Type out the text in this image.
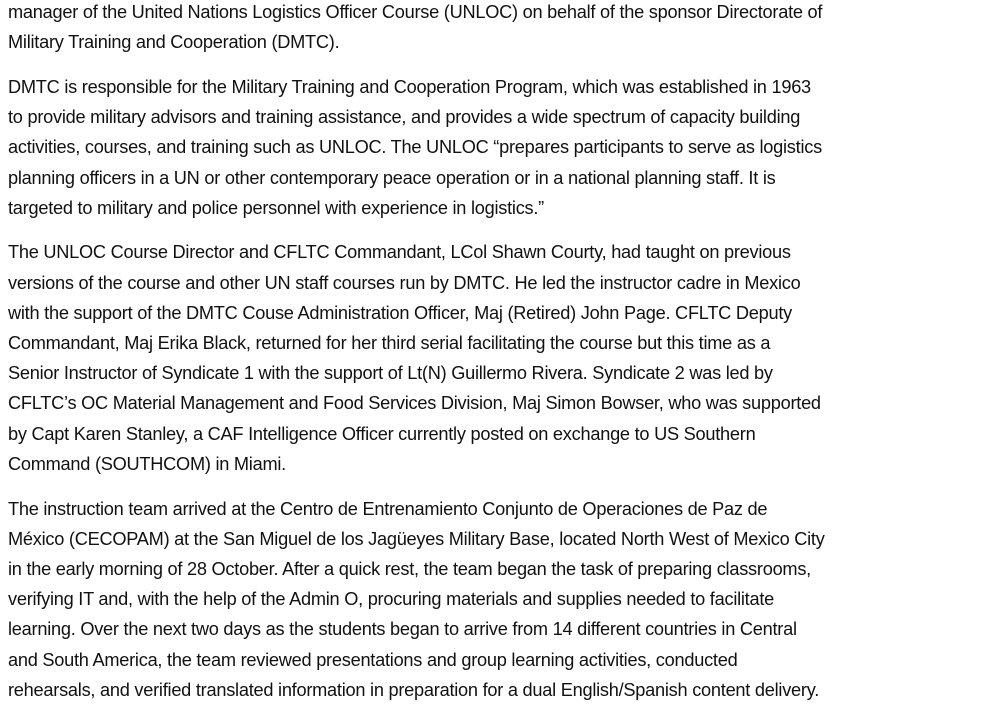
manager of the United Nations Logistics Officer Course (UNLOC) on behalf of the sponsor Directorate of
Military Training and Cooperation (DMTC).

DMTC is responsible for the Military Training and Cooperation Program, which was established in 1963
to provide military advisors and training assistance, and provides a wide spectrum of capacity building
activities, courses, and training such as UNLOC. The UNLOC “prepares participants to serve as logistics
planning officers in a UN or other contemporary peace operation or in a national planning staff. It is
targeted to military and police personnel with experience in logistics.”

The UNLOC Course Director and CFLTC Commandant, LCol Shawn Courty, had taught on previous
versions of the course and other UN staff courses run by DMTC. He led the instructor cadre in Mexico
with the support of the DMTC Couse Administration Officer, Maj (Retired) John Page. CFLTC Deputy
Commandant, Maj Erika Black, returned for her third serial facilitating the course but this time as a
Senior Instructor of Syndicate 1 with the support of Lt(N) Guillermo Rivera. Syndicate 2 was led by
CFLTC’s OC Material Management and Food Services Division, Maj Simon Bowser, who was supported
by Capt Karen Stanley, a CAF Intelligence Officer currently posted on exchange to US Southern
Command (SOUTHCOM) in Miami.

The instruction team arrived at the Centro de Entrenamiento Conjunto de Operaciones de Paz de
México (CECOPAM) at the San Miguel de los Jagüeyes Military Base, located North West of Mexico City
in the early morning of 28 October. After a quick rest, the team began the task of preparing classrooms,
verifying IT and, with the help of the Admin O, procuring materials and supplies needed to facilitate
learning. Over the next two days as the students began to arrive from 14 different countries in Central
and South America, the team reviewed presentations and group learning activities, conducted
rehearsals, and verified translated information in preparation for a dual English/Spanish content delivery.
